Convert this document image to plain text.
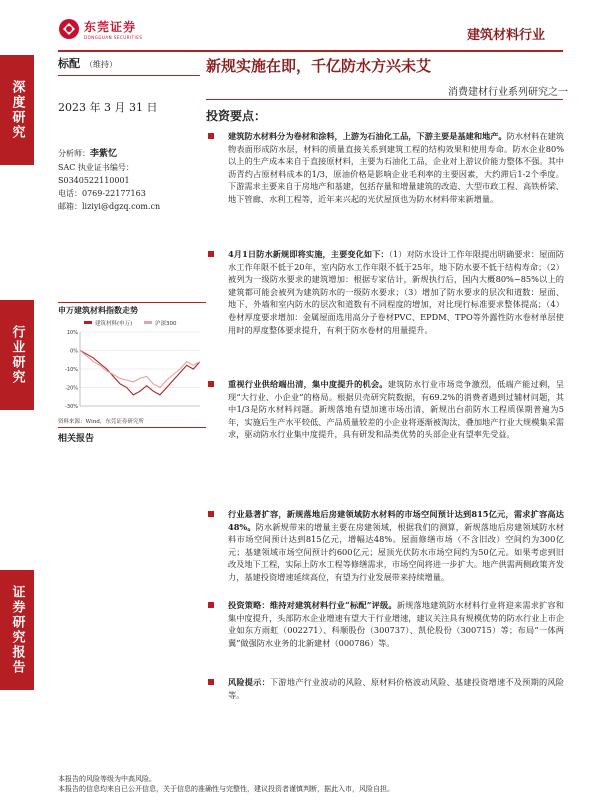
东莞证券
DONGGUAN SECURITIES	建筑材料行业
深度研究
行业研究
证券研究报告
标配 （维持）
2023 年 3 月 31 日
分析师：李紫忆
SAC 执业证书编号：
S0340522110001
电话：0769-22177163
邮箱：liziyi@dgzq.com.cn
申万建筑材料指数走势
建筑材料(申万)	沪深300
10%
0%
-10%
-20%
-30%
资料来源：Wind，东莞证券研究所
相关报告
新规实施在即，千亿防水方兴未艾
消费建材行业系列研究之一
投资要点：
建筑防水材料分为卷材和涂料，上游为石油化工品，下游主要是基建和地产。防水材料在建筑物表面形成防水层，材料的质量直接关系到建筑工程的结构效果和使用寿命。防水企业80%以上的生产成本来自于直接原材料，主要为石油化工品，企业对上游议价能力整体不强。其中沥青约占原材料成本的1/3，原油价格是影响企业毛利率的主要因素，大约滞后1-2个季度。下游需求主要来自于房地产和基建，包括存量和增量建筑的改造、大型市政工程、高铁桥梁、地下管廊、水利工程等，近年来兴起的光伏屋顶也为防水材料带来新增量。
4月1日防水新规即将实施，主要变化如下：（1）对防水设计工作年限提出明确要求：屋面防水工作年限不低于20年，室内防水工作年限不低于25年，地下防水要不低于结构寿命；（2）被列为一级防水要求的建筑增加：根据专家估计，新规执行后，国内大概80%~85%以上的建筑都可能会被列为建筑防水的一级防水要求；（3）增加了防水要求的层次和道数：屋面、地下、外墙和室内防水的层次和道数有不同程度的增加，对比现行标准要求整体提高；（4）卷材厚度要求增加：金属屋面选用高分子卷材PVC、EPDM、TPO等外露性防水卷材单层使用时的厚度整体要求提升，有利于防水卷材的用量提升。
重视行业供给端出清，集中度提升的机会。建筑防水行业市场竞争激烈，低端产能过剩，呈现“大行业、小企业”的格局。根据贝壳研究院数据，有69.2%的消费者遇到过辅材问题，其中1/3是防水材料问题。新规落地有望加速市场出清，新规出台前防水工程质保期普遍为5年，实施后生产水平较低、产品质量较差的小企业将逐渐被淘汰，叠加地产行业大规模集采需求，驱动防水行业集中度提升，具有研发和品类优势的头部企业有望率先受益。
行业悬著扩容，新规落地后房建领域防水材料的市场空间预计达到815亿元，需求扩容高达48%。防水新规带来的增量主要在房建领域，根据我们的测算，新规落地后房建领域防水材料市场空间预计达到815亿元，增幅达48%。屋面修缮市场（不含旧改）空间约为300亿元；基建领域市场空间预计约600亿元；屋顶光伏防水市场空间约为50亿元。如果考虑到旧改及地下工程，实际上防水工程等修缮需求，市场空间将进一步扩大。地产供需两侧政策齐发力，基建投资增速延续高位，有望为行业发展带来持续增量。
投资策略：维持对建筑材料行业“标配”评级。新规落地建筑防水材料行业将迎来需求扩容和集中度提升，头部防水企业增速有望大于行业增速，建议关注具有规模优势的防水行业上市企业如东方雨虹（002271）、科顺股份（300737）、凯伦股份（300715）等；布局“一体两翼”做强防水业务的北新建材（000786）等。
风险提示：下游地产行业波动的风险、原材料价格波动风险、基建投资增速不及预期的风险等。
本报告的风险等级为中高风险。
本报告的信息均来自已公开信息，关于信息的准确性与完整性，建议投资者谨慎判断，据此入市，风险自担。
